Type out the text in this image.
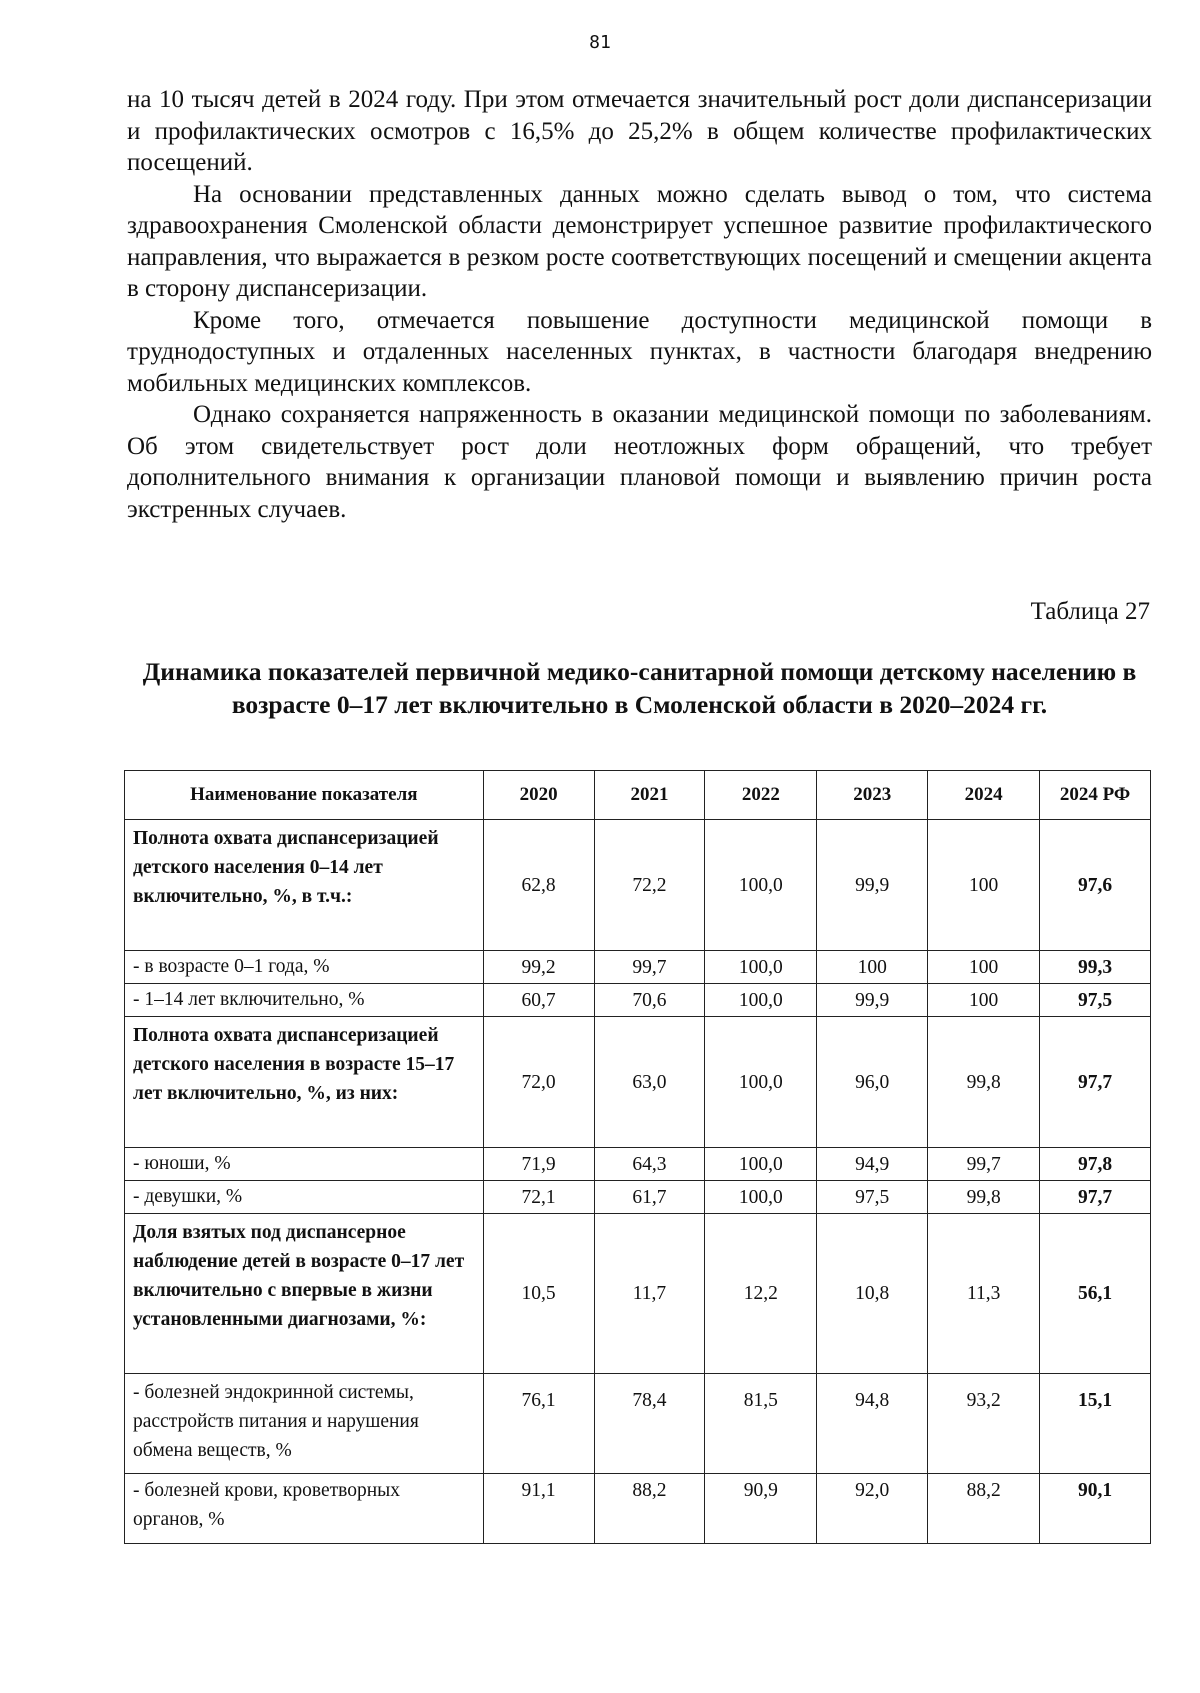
81

на 10 тысяч детей в 2024 году. При этом отмечается значительный рост доли диспансеризации и профилактических осмотров с 16,5% до 25,2% в общем количестве профилактических посещений.

На основании представленных данных можно сделать вывод о том, что система здравоохранения Смоленской области демонстрирует успешное развитие профилактического направления, что выражается в резком росте соответствующих посещений и смещении акцента в сторону диспансеризации.

Кроме того, отмечается повышение доступности медицинской помощи в труднодоступных и отдаленных населенных пунктах, в частности благодаря внедрению мобильных медицинских комплексов.

Однако сохраняется напряженность в оказании медицинской помощи по заболеваниям. Об этом свидетельствует рост доли неотложных форм обращений, что требует дополнительного внимания к организации плановой помощи и выявлению причин роста экстренных случаев.

Таблица 27
Динамика показателей первичной медико-санитарной помощи детскому населению в возрасте 0–17 лет включительно в Смоленской области в 2020–2024 гг.
Наименование показателя	2020	2021	2022	2023	2024	2024 РФ
Полнота охвата диспансеризацией детского населения 0–14 лет включительно, %, в т.ч.:	62,8	72,2	100,0	99,9	100	97,6
- в возрасте 0–1 года, %	99,2	99,7	100,0	100	100	99,3
- 1–14 лет включительно, %	60,7	70,6	100,0	99,9	100	97,5
Полнота охвата диспансеризацией детского населения в возрасте 15–17 лет включительно, %, из них:	72,0	63,0	100,0	96,0	99,8	97,7
- юноши, %	71,9	64,3	100,0	94,9	99,7	97,8
- девушки, %	72,1	61,7	100,0	97,5	99,8	97,7
Доля взятых под диспансерное наблюдение детей в возрасте 0–17 лет включительно с впервые в жизни установленными диагнозами, %:	10,5	11,7	12,2	10,8	11,3	56,1
- болезней эндокринной системы, расстройств питания и нарушения обмена веществ, %	76,1	78,4	81,5	94,8	93,2	15,1

- болезней крови, кроветворных органов, %	91,1	88,2	90,9	92,0	88,2	90,1
